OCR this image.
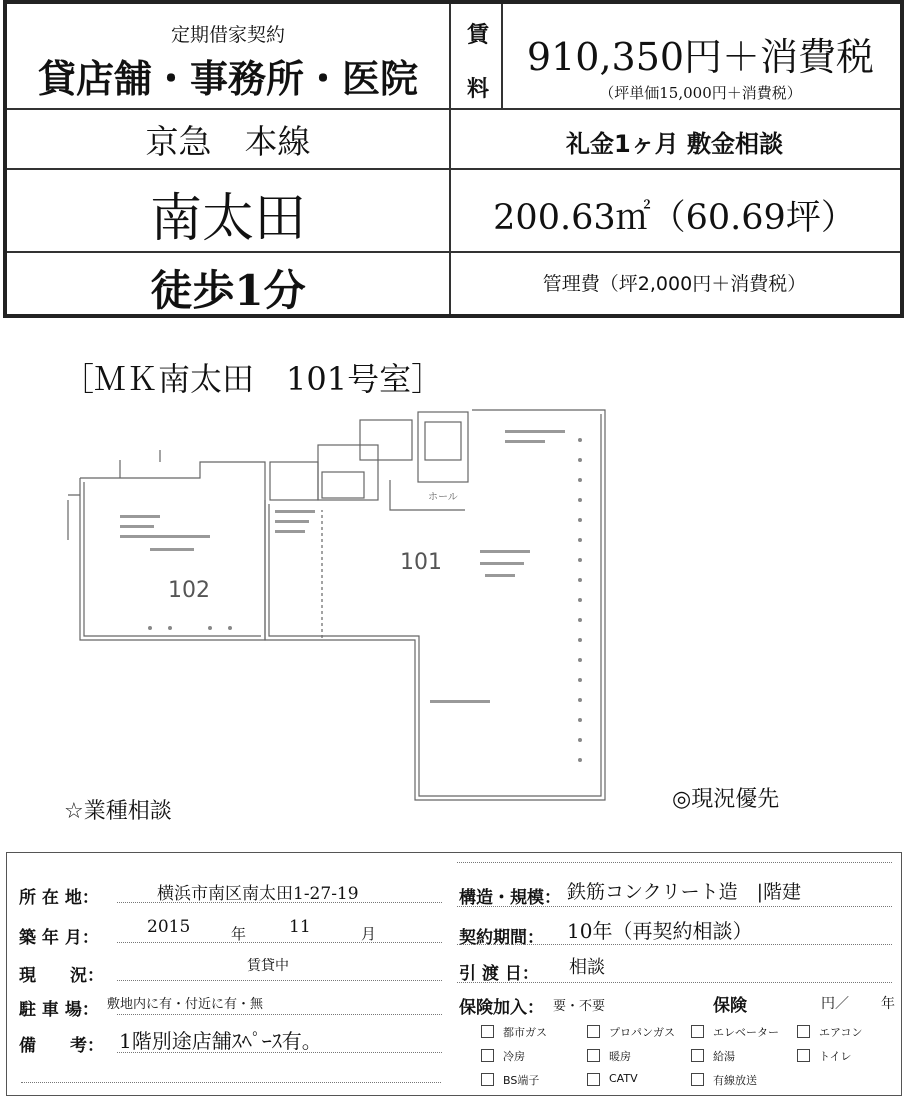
定期借家契約
貸店舗・事務所・医院
賃
料
910,350円＋消費税
（坪単価15,000円＋消費税）
京急　本線	礼金1ヶ月 敷金相談
南太田	200.63㎡（60.69坪）
徒歩1分	管理費（坪2,000円＋消費税）
［ＭＫ南太田　101号室］
101
102
ホール
☆業種相談	◎現況優先
所 在 地：	横浜市南区南太田1-27-19
築 年 月：
2015	年	11	月
現　　況：	賃貸中
駐 車 場： 敷地内に有・付近に有・無
備　　考： 1階別途店舗ｽﾍﾟｰｽ有。
構造・規模： 鉄筋コンクリート造　|階建
契約期間： 10年（再契約相談）
引 渡 日： 相談
保険加入： 要・不要	保険	円／ 年
都市ガス	プロパンガス	エレベーター	エアコン
冷房	暖房	給湯	トイレ
BS端子	CATV	有線放送
